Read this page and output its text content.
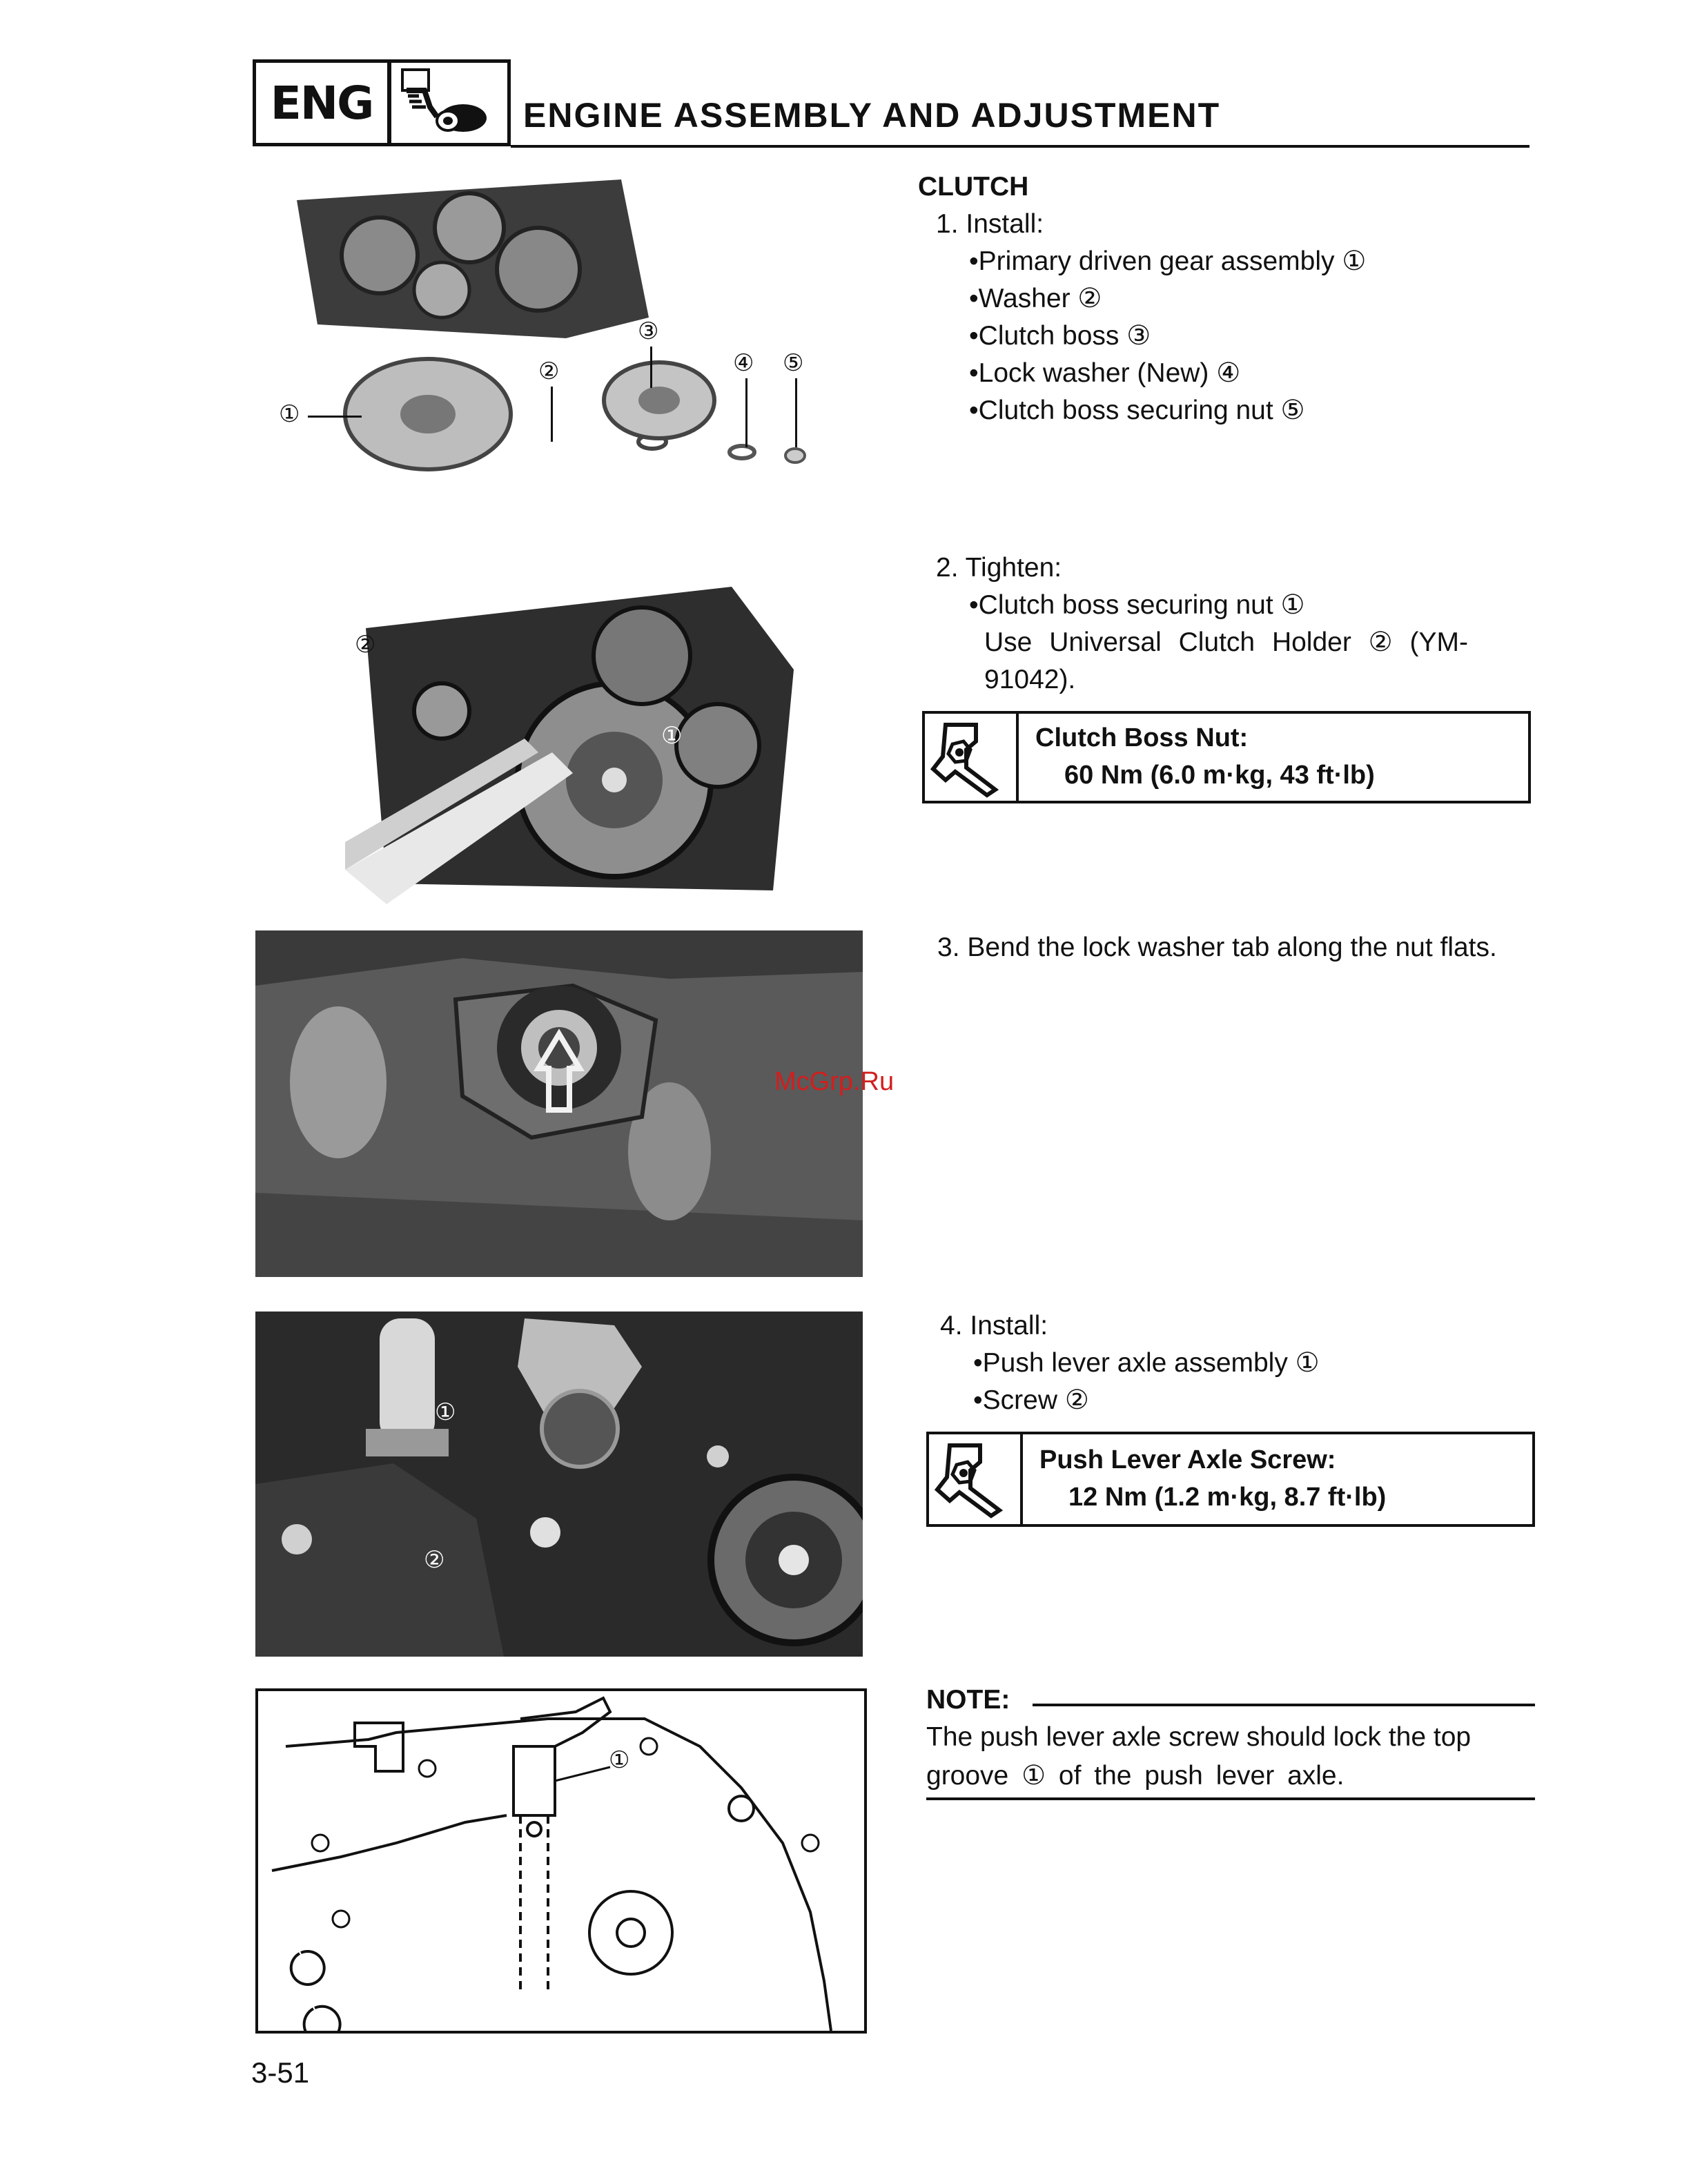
ENG	ENGINE ASSEMBLY AND ADJUSTMENT
①
②
③
④ ⑤
CLUTCH
1. Install:
•Primary driven gear assembly ①
•Washer ②
•Clutch boss ③
•Lock washer (New) ④
•Clutch boss securing nut ⑤
②
①
2. Tighten:
•Clutch boss securing nut ①
Use Universal Clutch Holder ② (YM-
91042).
Clutch Boss Nut:
60 Nm (6.0 m·kg, 43 ft·lb)
McGrp.Ru
3. Bend the lock washer tab along the nut flats.
①
②
4. Install:
•Push lever axle assembly ①
•Screw ②
Push Lever Axle Screw:
12 Nm (1.2 m·kg, 8.7 ft·lb)
①
NOTE:
The push lever axle screw should lock the top
groove ① of the push lever axle.
3-51
